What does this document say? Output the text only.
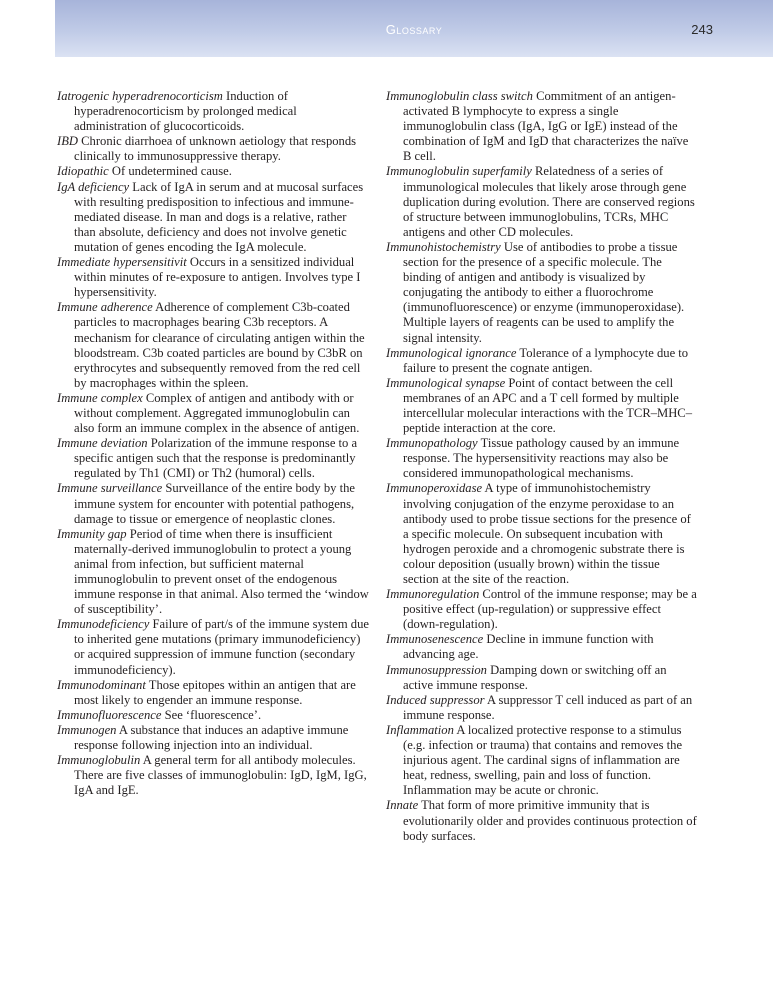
Glossary	243

Iatrogenic hyperadrenocorticism Induction of hyperadrenocorticism by prolonged medical administration of glucocorticoids.

IBD Chronic diarrhoea of unknown aetiology that responds clinically to immunosuppressive therapy.

Idiopathic Of undetermined cause.

IgA deficiency Lack of IgA in serum and at mucosal surfaces with resulting predisposition to infectious and immune-mediated disease. In man and dogs is a relative, rather than absolute, deficiency and does not involve genetic mutation of genes encoding the IgA molecule.

Immediate hypersensitivit Occurs in a sensitized individual within minutes of re-exposure to antigen. Involves type I hypersensitivity.

Immune adherence Adherence of complement C3b-coated particles to macrophages bearing C3b receptors. A mechanism for clearance of circulating antigen within the bloodstream. C3b coated particles are bound by C3bR on erythrocytes and subsequently removed from the red cell by macrophages within the spleen.

Immune complex Complex of antigen and antibody with or without complement. Aggregated immunoglobulin can also form an immune complex in the absence of antigen.

Immune deviation Polarization of the immune response to a specific antigen such that the response is predominantly regulated by Th1 (CMI) or Th2 (humoral) cells.

Immune surveillance Surveillance of the entire body by the immune system for encounter with potential pathogens, damage to tissue or emergence of neoplastic clones.

Immunity gap Period of time when there is insufficient maternally-derived immunoglobulin to protect a young animal from infection, but sufficient maternal immunoglobulin to prevent onset of the endogenous immune response in that animal. Also termed the ‘window of susceptibility’.

Immunodeficiency Failure of part/s of the immune system due to inherited gene mutations (primary immunodeficiency) or acquired suppression of immune function (secondary immunodeficiency).

Immunodominant Those epitopes within an antigen that are most likely to engender an immune response.

Immunofluorescence See ‘fluorescence’.

Immunogen A substance that induces an adaptive immune response following injection into an individual.

Immunoglobulin A general term for all antibody molecules. There are five classes of immunoglobulin: IgD, IgM, IgG, IgA and IgE.

Immunoglobulin class switch Commitment of an antigen-activated B lymphocyte to express a single immunoglobulin class (IgA, IgG or IgE) instead of the combination of IgM and IgD that characterizes the naïve B cell.

Immunoglobulin superfamily Relatedness of a series of immunological molecules that likely arose through gene duplication during evolution. There are conserved regions of structure between immunoglobulins, TCRs, MHC antigens and other CD molecules.

Immunohistochemistry Use of antibodies to probe a tissue section for the presence of a specific molecule. The binding of antigen and antibody is visualized by conjugating the antibody to either a fluorochrome (immunofluorescence) or enzyme (immunoperoxidase). Multiple layers of reagents can be used to amplify the signal intensity.

Immunological ignorance Tolerance of a lymphocyte due to failure to present the cognate antigen.

Immunological synapse Point of contact between the cell membranes of an APC and a T cell formed by multiple intercellular molecular interactions with the TCR–MHC–peptide interaction at the core.

Immunopathology Tissue pathology caused by an immune response. The hypersensitivity reactions may also be considered immunopathological mechanisms.

Immunoperoxidase A type of immunohistochemistry involving conjugation of the enzyme peroxidase to an antibody used to probe tissue sections for the presence of a specific molecule. On subsequent incubation with hydrogen peroxide and a chromogenic substrate there is colour deposition (usually brown) within the tissue section at the site of the reaction.

Immunoregulation Control of the immune response; may be a positive effect (up-regulation) or suppressive effect (down-regulation).

Immunosenescence Decline in immune function with advancing age.

Immunosuppression Damping down or switching off an active immune response.

Induced suppressor A suppressor T cell induced as part of an immune response.

Inflammation A localized protective response to a stimulus (e.g. infection or trauma) that contains and removes the injurious agent. The cardinal signs of inflammation are heat, redness, swelling, pain and loss of function. Inflammation may be acute or chronic.

Innate That form of more primitive immunity that is evolutionarily older and provides continuous protection of body surfaces.
